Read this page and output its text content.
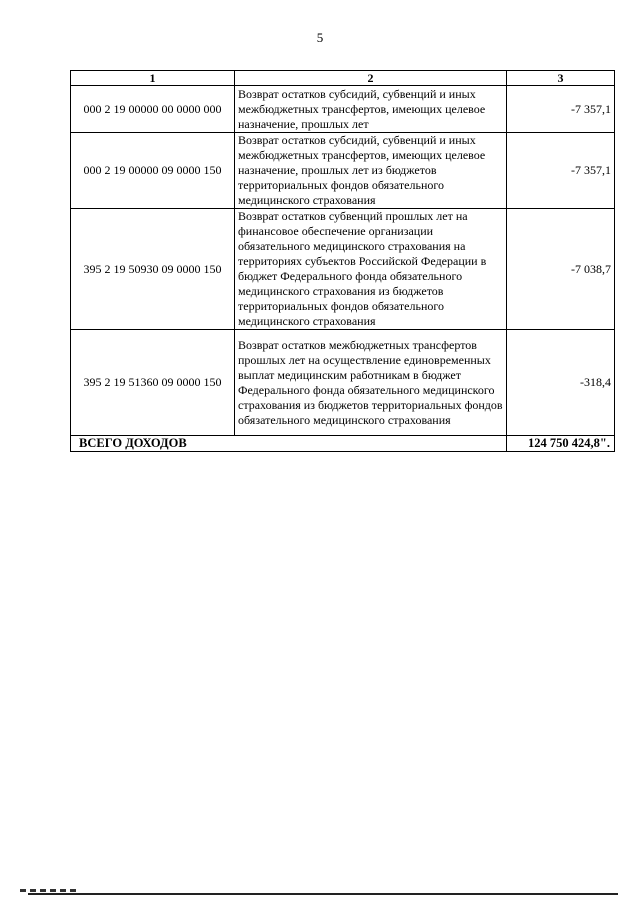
5
1	2	3
000 2 19 00000 00 0000 000	Возврат остатков субсидий, субвенций и иных межбюджетных трансфертов, имеющих целевое назначение, прошлых лет	-7 357,1
000 2 19 00000 09 0000 150	Возврат остатков субсидий, субвенций и иных межбюджетных трансфертов, имеющих целевое назначение, прошлых лет из бюджетов территориальных фондов обязательного медицинского страхования	-7 357,1
395 2 19 50930 09 0000 150	Возврат остатков субвенций прошлых лет на финансовое обеспечение организации обязательного медицинского страхования на территориях субъектов Российской Федерации в бюджет Федерального фонда обязательного медицинского страхования из бюджетов территориальных фондов обязательного медицинского страхования	-7 038,7
395 2 19 51360 09 0000 150	Возврат остатков межбюджетных трансфертов прошлых лет на осуществление единовременных выплат медицинским работникам в бюджет Федерального фонда обязательного медицинского страхования из бюджетов территориальных фондов обязательного медицинского страхования	-318,4
ВСЕГО ДОХОДОВ		124 750 424,8".
